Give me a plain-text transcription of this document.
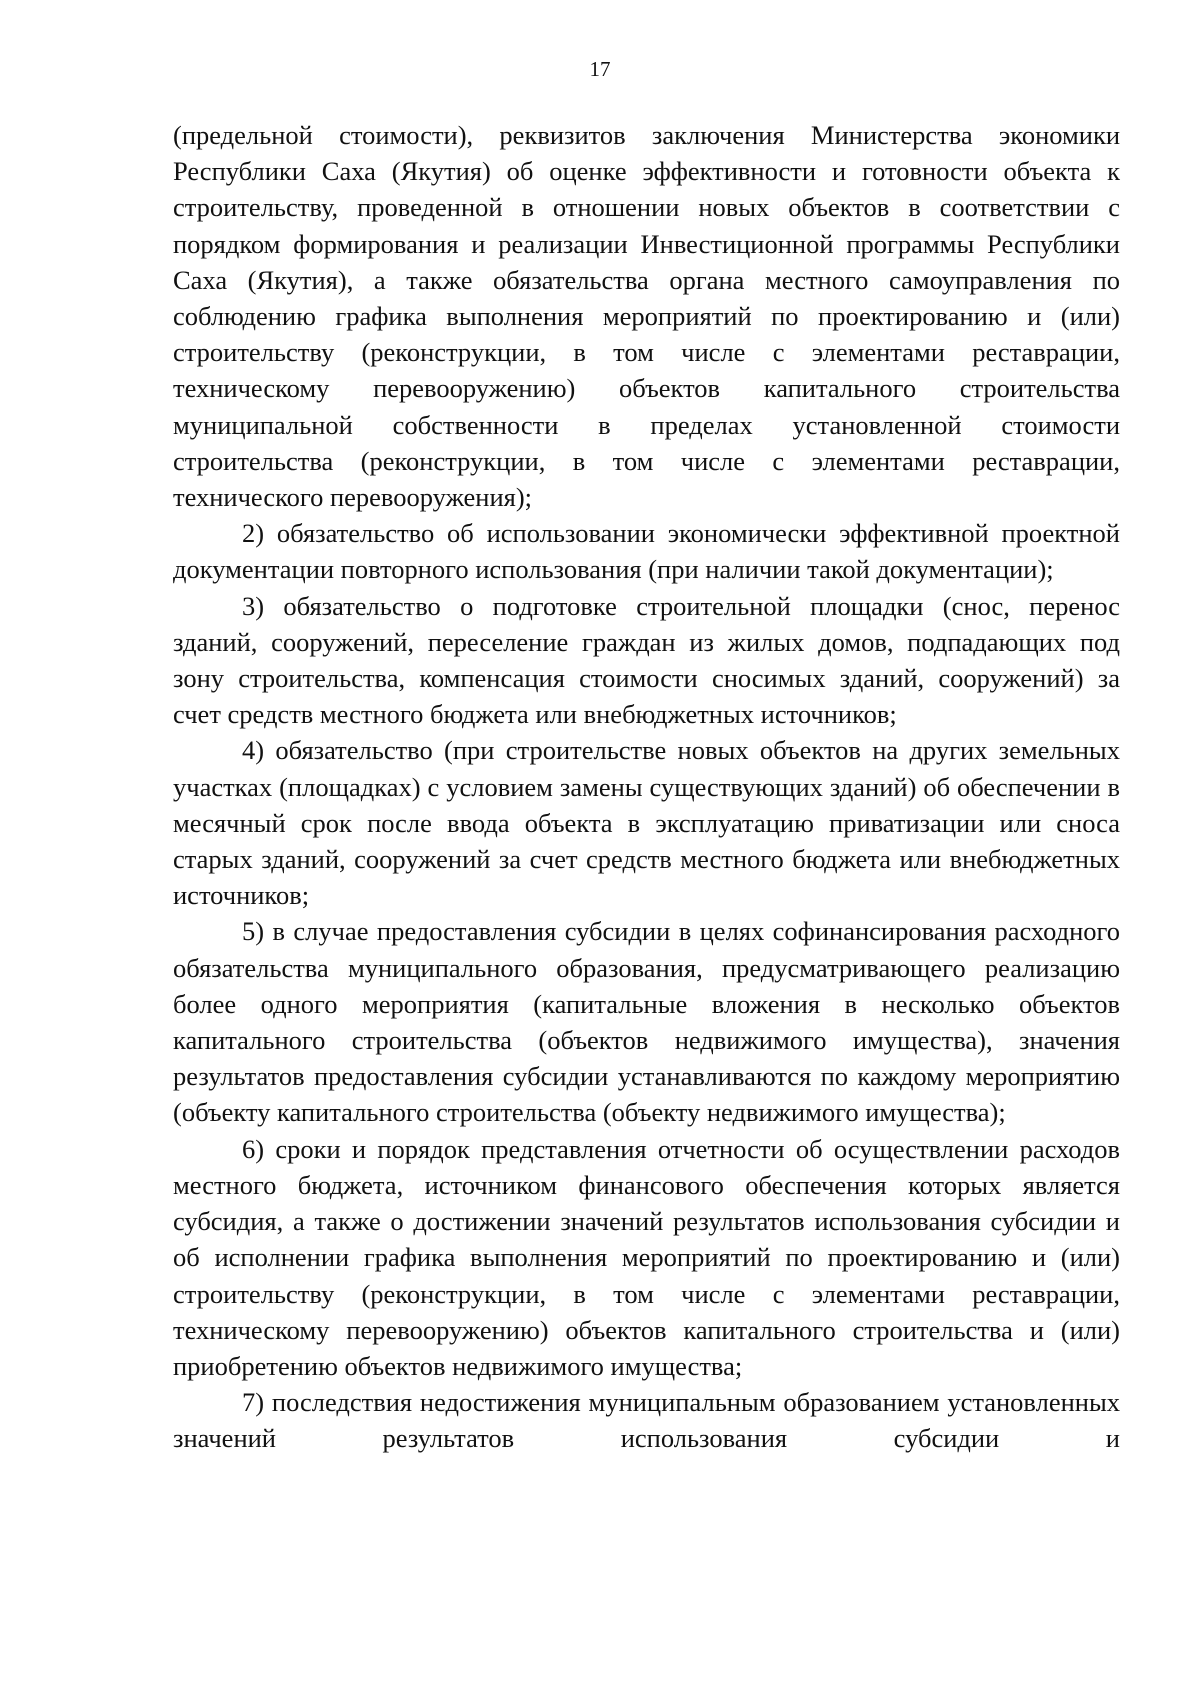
17

(предельной стоимости), реквизитов заключения Министерства экономики Республики Саха (Якутия) об оценке эффективности и готовности объекта к строительству, проведенной в отношении новых объектов в соответствии с порядком формирования и реализации Инвестиционной программы Республики Саха (Якутия), а также обязательства органа местного самоуправления по соблюдению графика выполнения мероприятий по проектированию и (или) строительству (реконструкции, в том числе с элементами реставрации, техническому перевооружению) объектов капитального строительства муниципальной собственности в пределах установленной стоимости строительства (реконструкции, в том числе с элементами реставрации, технического перевооружения);

2) обязательство об использовании экономически эффективной проектной документации повторного использования (при наличии такой документации);

3) обязательство о подготовке строительной площадки (снос, перенос зданий, сооружений, переселение граждан из жилых домов, подпадающих под зону строительства, компенсация стоимости сносимых зданий, сооружений) за счет средств местного бюджета или внебюджетных источников;

4) обязательство (при строительстве новых объектов на других земельных участках (площадках) с условием замены существующих зданий) об обеспечении в месячный срок после ввода объекта в эксплуатацию приватизации или сноса старых зданий, сооружений за счет средств местного бюджета или внебюджетных источников;

5) в случае предоставления субсидии в целях софинансирования расходного обязательства муниципального образования, предусматривающего реализацию более одного мероприятия (капитальные вложения в несколько объектов капитального строительства (объектов недвижимого имущества), значения результатов предоставления субсидии устанавливаются по каждому мероприятию (объекту капитального строительства (объекту недвижимого имущества);

6) сроки и порядок представления отчетности об осуществлении расходов местного бюджета, источником финансового обеспечения которых является субсидия, а также о достижении значений результатов использования субсидии и об исполнении графика выполнения мероприятий по проектированию и (или) строительству (реконструкции, в том числе с элементами реставрации, техническому перевооружению) объектов капитального строительства и (или) приобретению объектов недвижимого имущества;

7) последствия недостижения муниципальным образованием установленных значений результатов использования субсидии и
